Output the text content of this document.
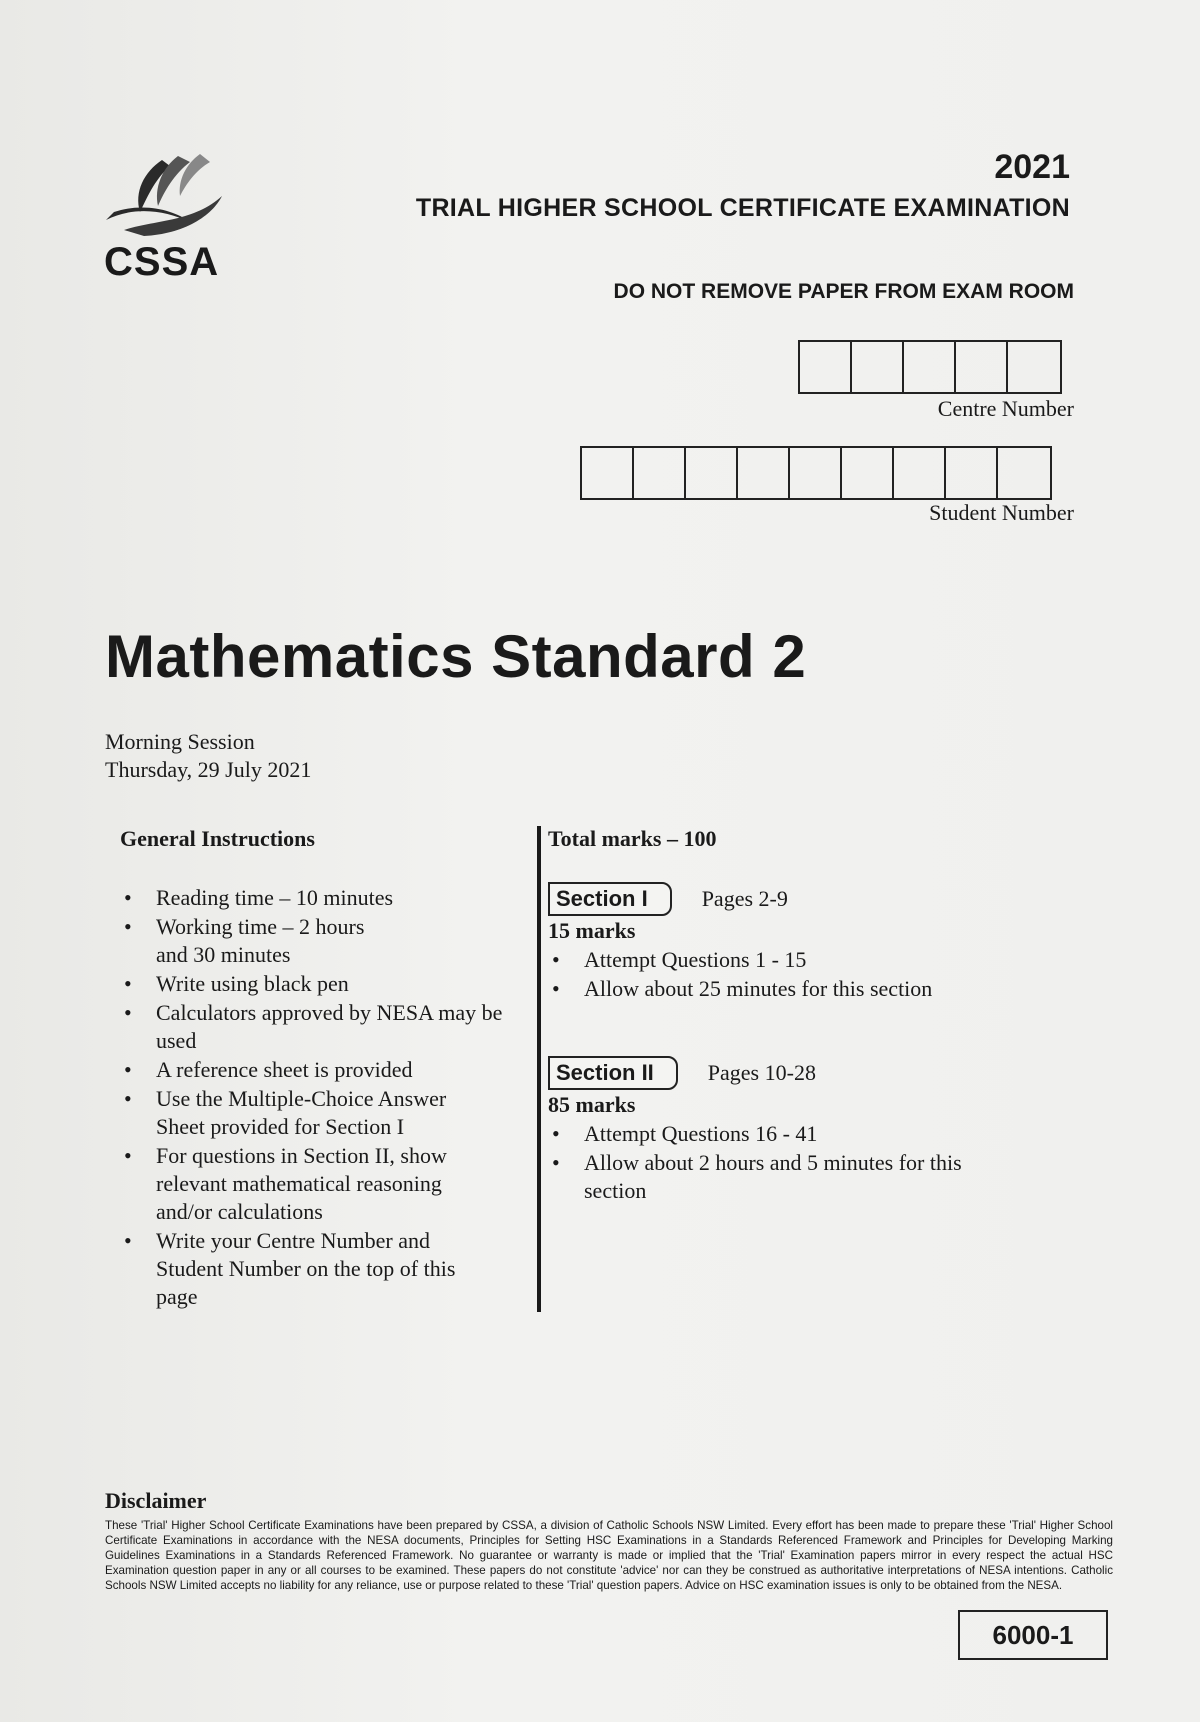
CSSA
2021
TRIAL HIGHER SCHOOL CERTIFICATE EXAMINATION
DO NOT REMOVE PAPER FROM EXAM ROOM
Centre Number
Student Number
Mathematics Standard 2
Morning Session
Thursday, 29 July 2021
General Instructions
• Reading time – 10 minutes
• Working time – 2 hours and 30 minutes
• Write using black pen
• Calculators approved by NESA may be used
• A reference sheet is provided
• Use the Multiple-Choice Answer Sheet provided for Section I
• For questions in Section II, show relevant mathematical reasoning and/or calculations
• Write your Centre Number and Student Number on the top of this page
Total marks – 100
Section I	Pages 2-9
15 marks
• Attempt Questions 1 - 15
• Allow about 25 minutes for this section
Section II	Pages 10-28
85 marks
• Attempt Questions 16 - 41
• Allow about 2 hours and 5 minutes for this section
Disclaimer

These 'Trial' Higher School Certificate Examinations have been prepared by CSSA, a division of Catholic Schools NSW Limited. Every effort has been made to prepare these 'Trial' Higher School Certificate Examinations in accordance with the NESA documents, Principles for Setting HSC Examinations in a Standards Referenced Framework and Principles for Developing Marking Guidelines Examinations in a Standards Referenced Framework. No guarantee or warranty is made or implied that the 'Trial' Examination papers mirror in every respect the actual HSC Examination question paper in any or all courses to be examined. These papers do not constitute 'advice' nor can they be construed as authoritative interpretations of NESA intentions. Catholic Schools NSW Limited accepts no liability for any reliance, use or purpose related to these 'Trial' question papers. Advice on HSC examination issues is only to be obtained from the NESA.

6000-1
